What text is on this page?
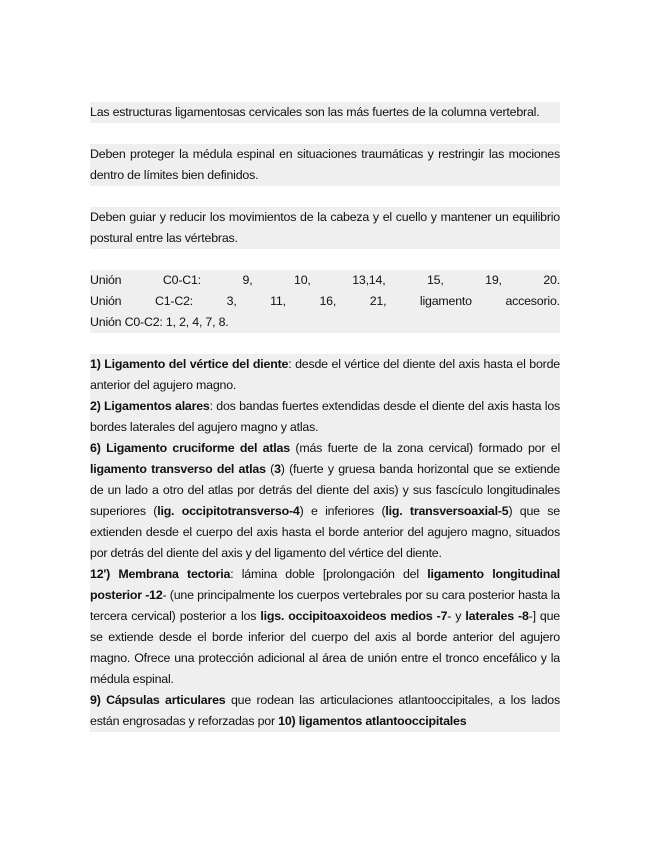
Las estructuras ligamentosas cervicales son las más fuertes de la columna vertebral.

Deben proteger la médula espinal en situaciones traumáticas y restringir las mociones dentro de límites bien definidos.

Deben guiar y reducir los movimientos de la cabeza y el cuello y mantener un equilibrio postural entre las vértebras.

Unión	C0-C1:	9,	10,	13,14,	15,	19,	20.
Unión	C1-C2:	3,	11,	16,	21,	ligamento	accesorio.
Unión C0-C2: 1, 2, 4, 7, 8.

1) Ligamento del vértice del diente: desde el vértice del diente del axis hasta el borde anterior del agujero magno.

2) Ligamentos alares: dos bandas fuertes extendidas desde el diente del axis hasta los bordes laterales del agujero magno y atlas.

6) Ligamento cruciforme del atlas (más fuerte de la zona cervical) formado por el ligamento transverso del atlas (3) (fuerte y gruesa banda horizontal que se extiende de un lado a otro del atlas por detrás del diente del axis) y sus fascículo longitudinales superiores (lig. occipitotransverso-4) e inferiores (lig. transversoaxial-5) que se extienden desde el cuerpo del axis hasta el borde anterior del agujero magno, situados por detrás del diente del axis y del ligamento del vértice del diente.

12') Membrana tectoria: lámina doble [prolongación del ligamento longitudinal posterior -12- (une principalmente los cuerpos vertebrales por su cara posterior hasta la tercera cervical) posterior a los ligs. occipitoaxoideos medios -7- y laterales -8-] que se extiende desde el borde inferior del cuerpo del axis al borde anterior del agujero magno. Ofrece una protección adicional al área de unión entre el tronco encefálico y la médula espinal.

9) Cápsulas articulares que rodean las articulaciones atlantooccipitales, a los lados están engrosadas y reforzadas por 10) ligamentos atlantooccipitales
